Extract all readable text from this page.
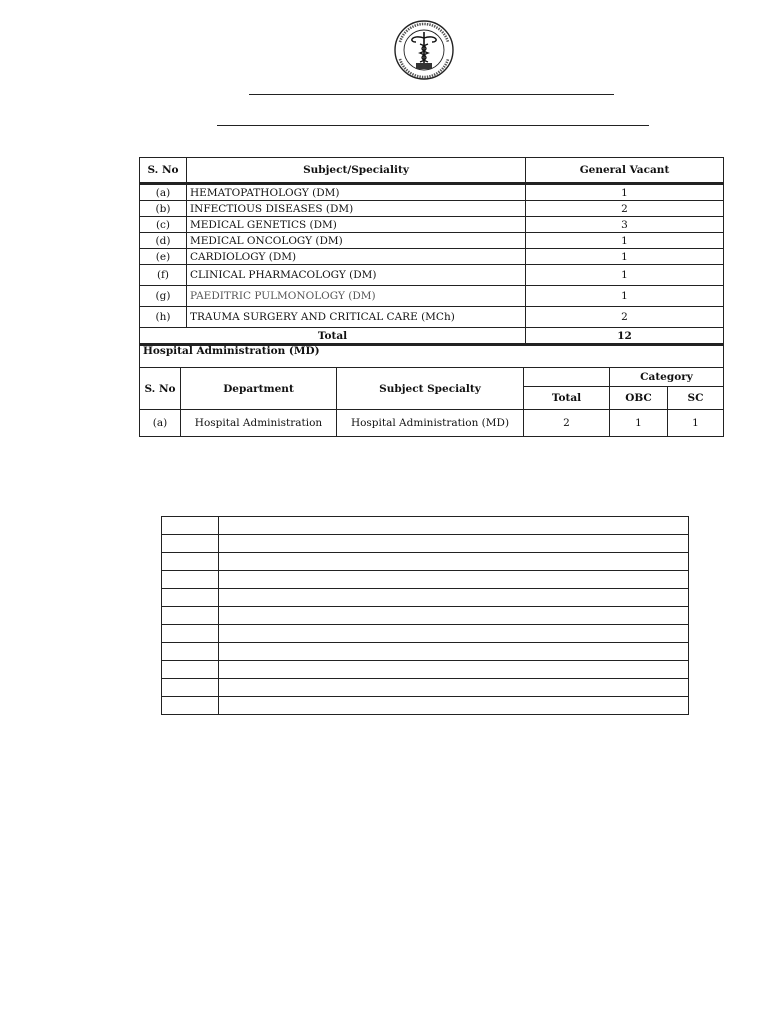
S. No	Subject/Speciality	General Vacant
(a)	HEMATOPATHOLOGY (DM)	1
(b)	INFECTIOUS DISEASES (DM)	2
(c)	MEDICAL GENETICS (DM)	3
(d)	MEDICAL ONCOLOGY (DM)	1
(e)	CARDIOLOGY (DM)	1
(f)	CLINICAL PHARMACOLOGY (DM)	1
(g)	PAEDITRIC PULMONOLOGY (DM)	1
(h)	TRAUMA SURGERY AND CRITICAL CARE (MCh)	2
Total		12
Hospital Administration (MD)					
S. No	Department	Subject Specialty		Category	
			Total	OBC	SC
(a)	Hospital Administration	Hospital Administration (MD)	2	1	1
